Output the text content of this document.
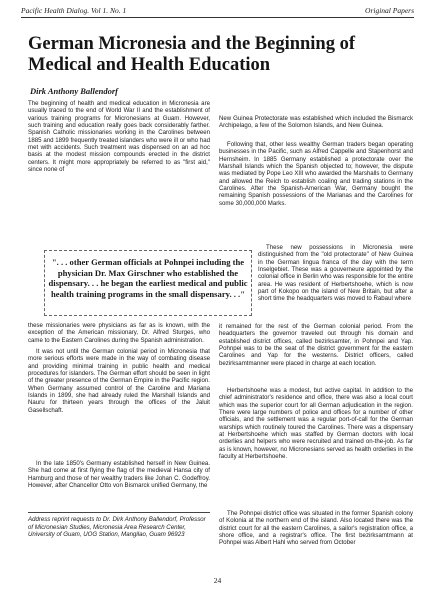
Pacific Health Dialog. Vol 1. No. 1	Original Papers
German Micronesia and the Beginning of Medical and Health Education
Dirk Anthony Ballendorf

The beginning of health and medical education in Micronesia are usually traced to the end of World War II and the establishment of various training programs for Micronesians at Guam. However, such training and education really goes back considerably farther. Spanish Catholic missionaries working in the Carolines between 1885 and 1899 frequently treated islanders who were ill or who had met with accidents. Such treatment was dispensed on an ad hoc basis at the modest mission compounds erected in the district centers. It might more appropriately be referred to as "first aid," since none of

". . . other German officials at Pohnpei including the physician Dr. Max Girschner who established the dispensary. . . he began the earliest medical and public health training programs in the small dispensary. . ."

New Guinea Protectorate was established which included the Bismarck Archipelago, a few of the Solomon Islands, and New Guinea.

Following that, other less wealthy German traders began operating businesses in the Pacific, such as Alfred Cappelle and Stapenhorst and Hernsheim. In 1885 Germany established a protectorate over the Marshall Islands which the Spanish objected to; however, the dispute was mediated by Pope Leo XIII who awarded the Marshalls to Germany and allowed the Reich to establish coaling and trading stations in the Carolines. After the Spanish-American War, Germany bought the remaining Spanish possessions of the Marianas and the Carolines for some 30,000,000 Marks.

These new possessions in Micronesia were distinguished from the "old protectorate" of New Guinea in the German lingua franca of the day with the term Inselgebiet. These was a gouverneure appointed by the colonial office in Berlin who was responsible for the entire area. He was resident of Herbertshoehe, which is now part of Kokopo on the island of New Britain, but after a short time the headquarters was moved to Rabaul where

these missionaries were physicians as far as is known, with the exception of the American missionary, Dr. Alfred Sturges, who came to the Eastern Carolines during the Spanish administration.

It was not until the German colonial period in Micronesia that more serious efforts were made in the way of combating disease and providing minimal training in public health and medical procedures for islanders. The German effort should be seen in light of the greater presence of the German Empire in the Pacific region. When Germany assumed control of the Caroline and Mariana Islands in 1899, she had already ruled the Marshall Islands and Nauru for thirteen years through the offices of the Jaluit Gasellschaft.

In the late 1850's Germany established herself in New Guinea. She had come at first flying the flag of the medieval Hansa city of Hamburg and those of her wealthy traders like Johan C. Godeffroy. However, after Chancellor Otto von Bismarck unified Germany, the

it remained for the rest of the German colonial period. From the headquarters the governor traveled out through his domain and established district offices, called bezirksamter, in Pohnpei and Yap. Pohnpei was to be the seat of the district government for the eastern Carolines and Yap for the westerns. District officers, called bezirksamtmanner were placed in charge at each location.

Herbertshoehe was a modest, but active capital. In addition to the chief administrator's residence and office, there was also a local court which was the superior court for all German adjudication in the region. There were large numbers of police and offices for a number of other officials, and the settlement was a regular port-of-call for the German warships which routinely toured the Carolines. There was a dispensary at Herbertshoehe which was staffed by German doctors with local orderlies and helpers who were recruited and trained on-the-job. As far as is known, however, no Micronesians served as health orderlies in the faculty at Herbertshoehe.

The Pohnpei district office was situated in the former Spanish colony of Kolonia at the northern end of the island. Also located there was the district court for all the eastern Carolines, a sailor's registration office, a shore office, and a registrar's office. The first bezirksamtmann at Pohnpei was Albert Hahl who served from October

Address reprint requests to Dr. Dirk Anthony Ballendorf, Professor of Micronesian Studies, Micronesia Area Research Center, University of Guam, UOG Station, Mangilao, Guam 96923

24
